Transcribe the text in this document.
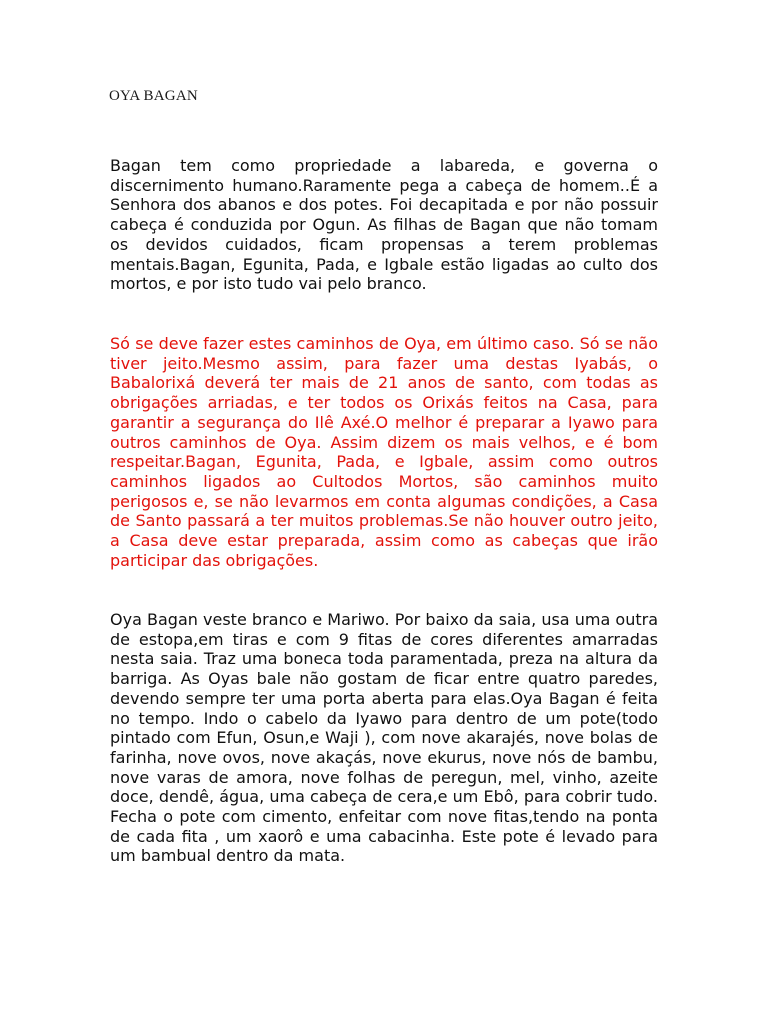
OYA BAGAN

Bagan tem como propriedade a labareda, e governa o discernimento humano.Raramente pega a cabeça de homem..É a Senhora dos abanos e dos potes. Foi decapitada e por não possuir cabeça é conduzida por Ogun. As filhas de Bagan que não tomam os devidos cuidados, ficam propensas a terem problemas mentais.Bagan, Egunita, Pada, e Igbale estão ligadas ao culto dos mortos, e por isto tudo vai pelo branco.

Só se deve fazer estes caminhos de Oya, em último caso. Só se não tiver jeito.Mesmo assim, para fazer uma destas Iyabás, o Babalorixá deverá ter mais de 21 anos de santo, com todas as obrigações arriadas, e ter todos os Orixás feitos na Casa, para garantir a segurança do Ilê Axé.O melhor é preparar a Iyawo para outros caminhos de Oya. Assim dizem os mais velhos, e é bom respeitar.Bagan, Egunita, Pada, e Igbale, assim como outros caminhos ligados ao Cultodos Mortos, são caminhos muito perigosos e, se não levarmos em conta algumas condições, a Casa de Santo passará a ter muitos problemas.Se não houver outro jeito, a Casa deve estar preparada, assim como as cabeças que irão participar das obrigações.

Oya Bagan veste branco e Mariwo. Por baixo da saia, usa uma outra de estopa,em tiras e com 9 fitas de cores diferentes amarradas nesta saia. Traz uma boneca toda paramentada, preza na altura da barriga. As Oyas bale não gostam de ficar entre quatro paredes, devendo sempre ter uma porta aberta para elas.Oya Bagan é feita no tempo. Indo o cabelo da Iyawo para dentro de um pote(todo pintado com Efun, Osun,e Waji ), com nove akarajés, nove bolas de farinha, nove ovos, nove akaçás, nove ekurus, nove nós de bambu, nove varas de amora, nove folhas de peregun, mel, vinho, azeite doce, dendê, água, uma cabeça de cera,e um Ebô, para cobrir tudo. Fecha o pote com cimento, enfeitar com nove fitas,tendo na ponta de cada fita , um xaorô e uma cabacinha. Este pote é levado para um bambual dentro da mata.
